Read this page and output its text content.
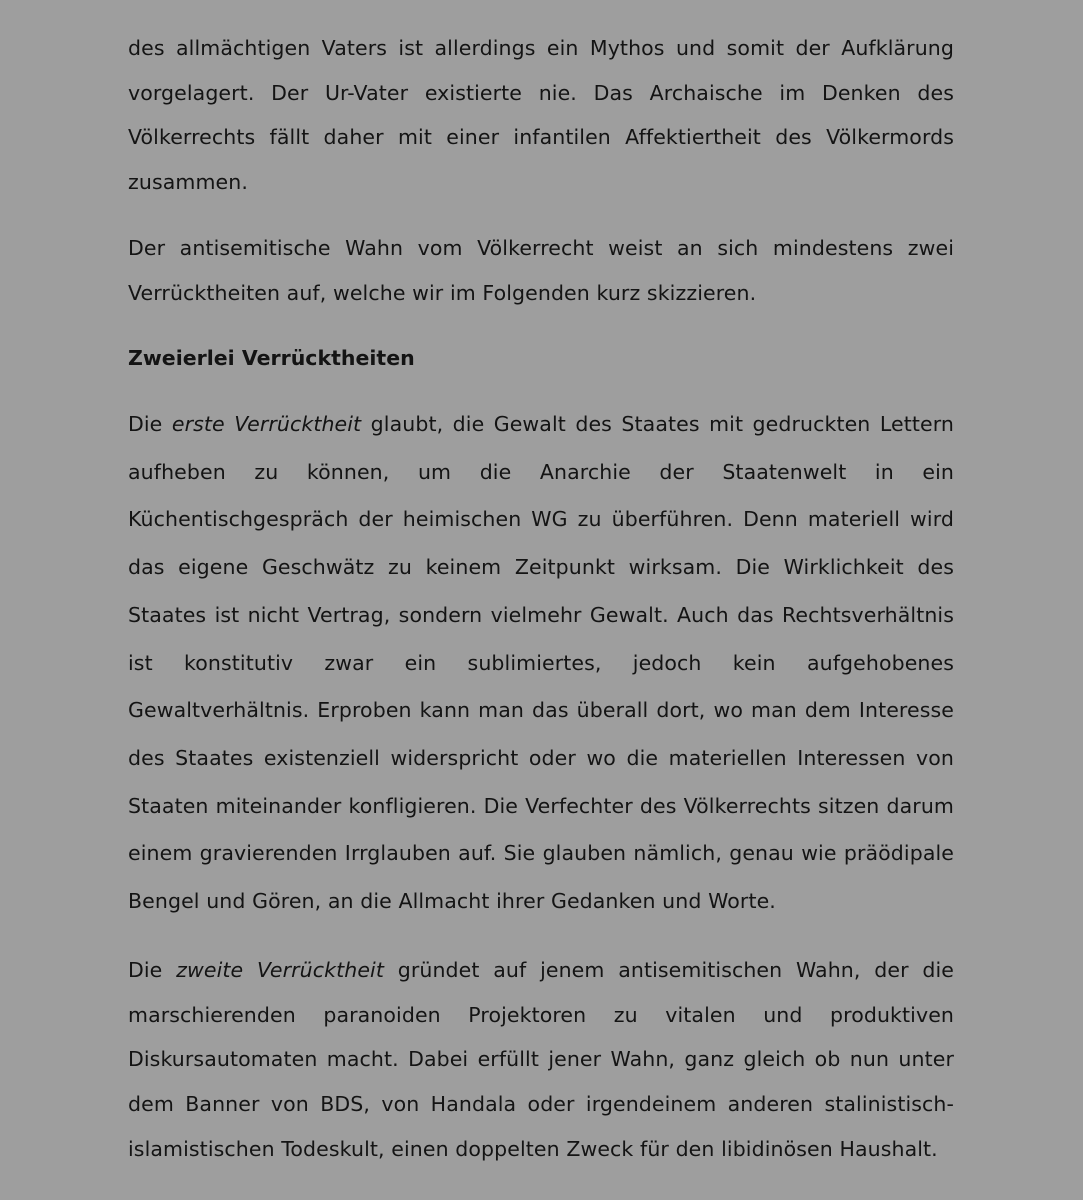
des allmächtigen Vaters ist allerdings ein Mythos und somit der Aufklärung vorgelagert. Der Ur-Vater existierte nie. Das Archaische im Denken des Völkerrechts fällt daher mit einer infantilen Affektiertheit des Völkermords zusammen.

Der antisemitische Wahn vom Völkerrecht weist an sich mindestens zwei Verrücktheiten auf, welche wir im Folgenden kurz skizzieren.

Zweierlei Verrücktheiten

Die erste Verrücktheit glaubt, die Gewalt des Staates mit gedruckten Lettern aufheben zu können, um die Anarchie der Staatenwelt in ein Küchentischgespräch der heimischen WG zu überführen. Denn materiell wird das eigene Geschwätz zu keinem Zeitpunkt wirksam. Die Wirklichkeit des Staates ist nicht Vertrag, sondern vielmehr Gewalt. Auch das Rechtsverhältnis ist konstitutiv zwar ein sublimiertes, jedoch kein aufgehobenes Gewaltverhältnis. Erproben kann man das überall dort, wo man dem Interesse des Staates existenziell widerspricht oder wo die materiellen Interessen von Staaten miteinander konfligieren. Die Verfechter des Völkerrechts sitzen darum einem gravierenden Irrglauben auf. Sie glauben nämlich, genau wie präödipale Bengel und Gören, an die Allmacht ihrer Gedanken und Worte.

Die zweite Verrücktheit gründet auf jenem antisemitischen Wahn, der die marschierenden paranoiden Projektoren zu vitalen und produktiven Diskursautomaten macht. Dabei erfüllt jener Wahn, ganz gleich ob nun unter dem Banner von BDS, von Handala oder irgendeinem anderen stalinistisch-islamistischen Todeskult, einen doppelten Zweck für den libidinösen Haushalt.
